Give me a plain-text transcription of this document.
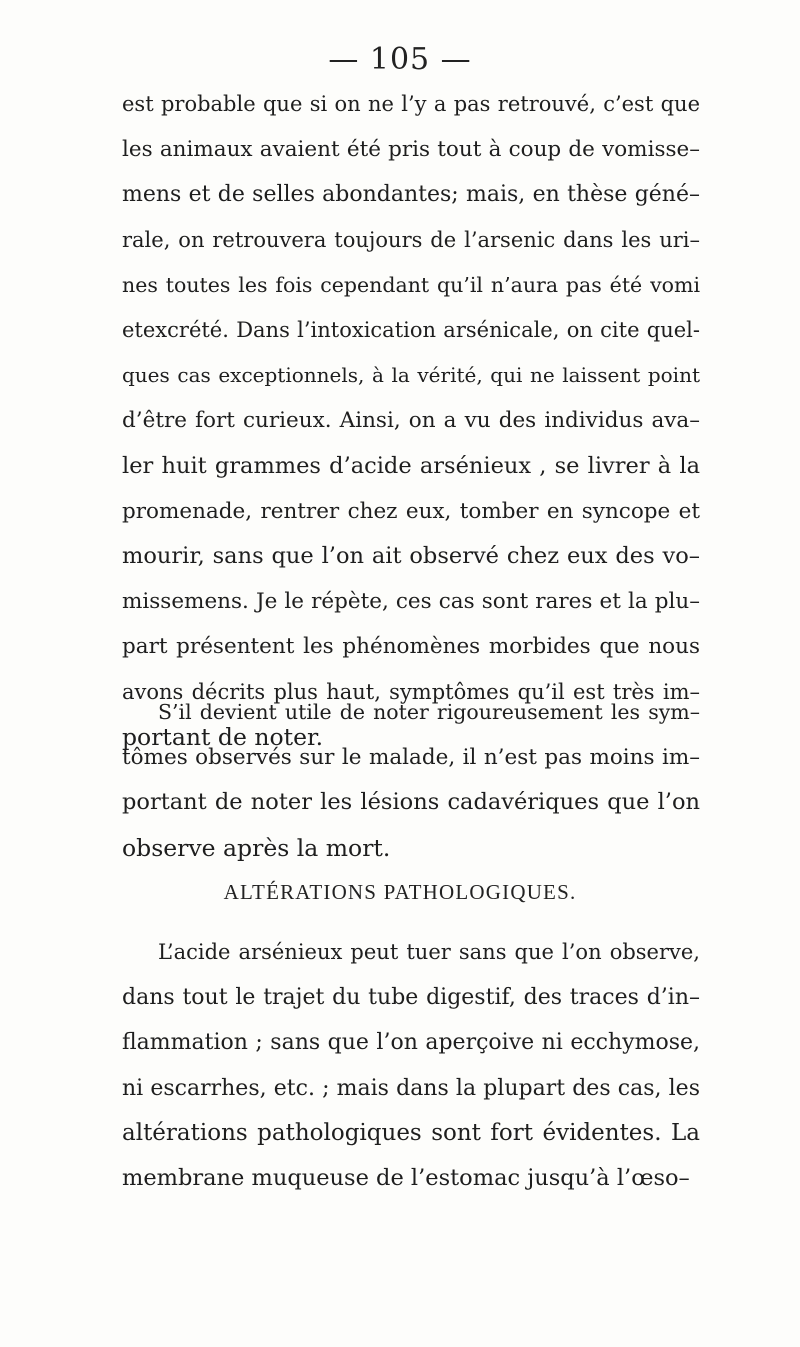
— 105 —
est probable que si on ne l’y a pas retrouvé, c’est que
les animaux avaient été pris tout à coup de vomisse–
mens et de selles abondantes; mais, en thèse géné–
rale, on retrouvera toujours de l’arsenic dans les uri–
nes toutes les fois cependant qu’il n’aura pas été vomi
etexcrété. Dans l’intoxication arsénicale, on cite quel-
ques cas exceptionnels, à la vérité, qui ne laissent point
d’être fort curieux. Ainsi, on a vu des individus ava–
ler huit grammes d’acide arsénieux , se livrer à la
promenade, rentrer chez eux, tomber en syncope et
mourir, sans que l’on ait observé chez eux des vo–
missemens. Je le répète, ces cas sont rares et la plu–
part présentent les phénomènes morbides que nous
avons décrits plus haut, symptômes qu’il est très im–
portant de noter.
S’il devient utile de noter rigoureusement les sym–
tômes observés sur le malade, il n’est pas moins im–
portant de noter les lésions cadavériques que l’on
observe après la mort.
ALTÉRATIONS PATHOLOGIQUES.
L’acide arsénieux peut tuer sans que l’on observe,
dans tout le trajet du tube digestif, des traces d’in–
flammation ; sans que l’on aperçoive ni ecchymose,
ni escarrhes, etc. ; mais dans la plupart des cas, les
altérations pathologiques sont fort évidentes. La
membrane muqueuse de l’estomac jusqu’à l’œso–
